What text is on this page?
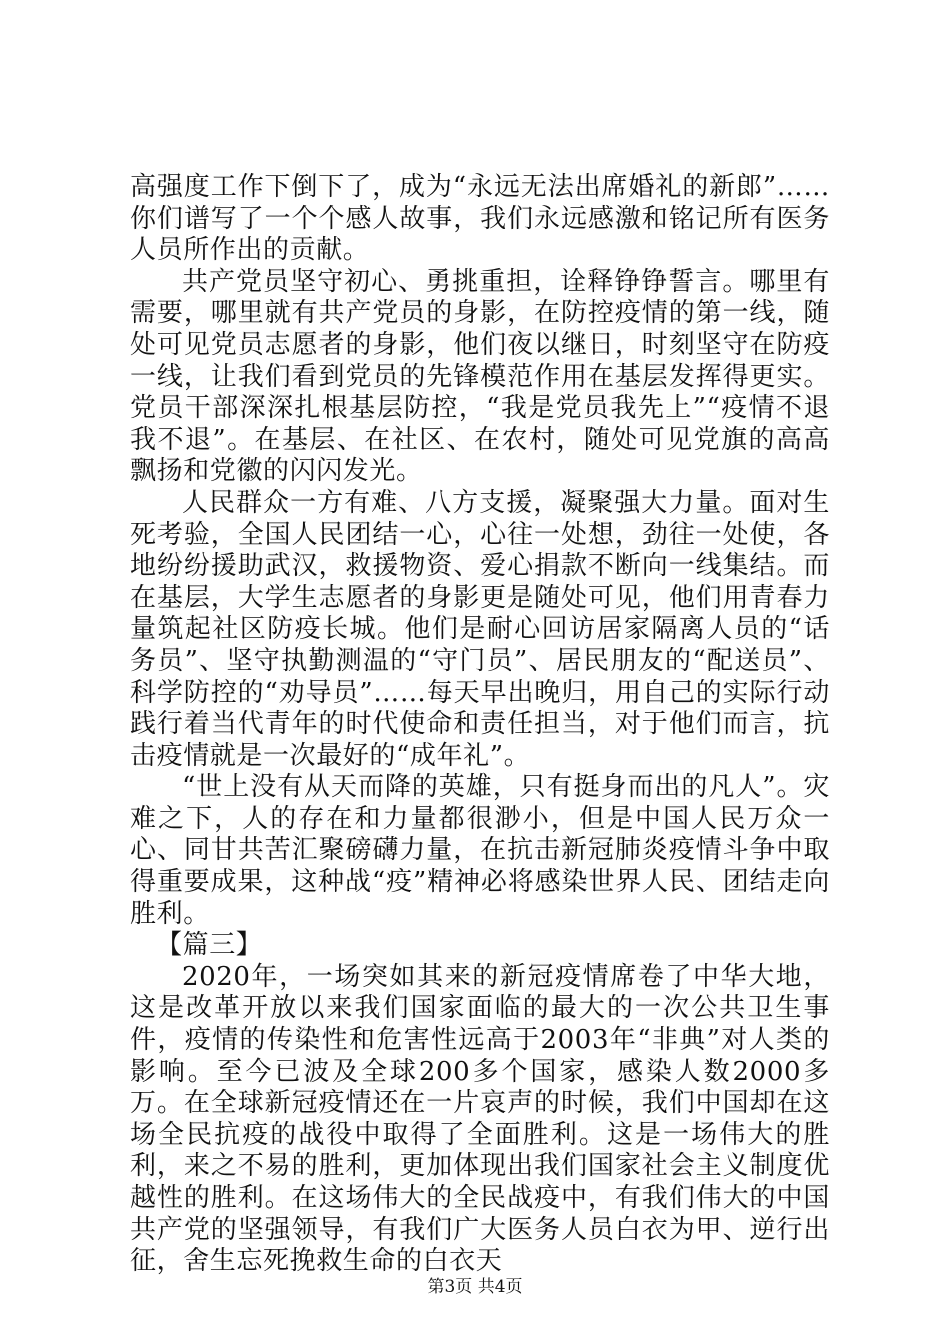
高强度工作下倒下了，成为“永远无法出席婚礼的新郎”……你们谱写了一个个感人故事，我们永远感激和铭记所有医务人员所作出的贡献。

共产党员坚守初心、勇挑重担，诠释铮铮誓言。哪里有需要，哪里就有共产党员的身影，在防控疫情的第一线，随处可见党员志愿者的身影，他们夜以继日，时刻坚守在防疫一线，让我们看到党员的先锋模范作用在基层发挥得更实。党员干部深深扎根基层防控，“我是党员我先上”“疫情不退我不退”。在基层、在社区、在农村，随处可见党旗的高高飘扬和党徽的闪闪发光。

人民群众一方有难、八方支援，凝聚强大力量。面对生死考验，全国人民团结一心，心往一处想，劲往一处使，各地纷纷援助武汉，救援物资、爱心捐款不断向一线集结。而在基层，大学生志愿者的身影更是随处可见，他们用青春力量筑起社区防疫长城。他们是耐心回访居家隔离人员的“话务员”、坚守执勤测温的“守门员”、居民朋友的“配送员”、科学防控的“劝导员”……每天早出晚归，用自己的实际行动践行着当代青年的时代使命和责任担当，对于他们而言，抗击疫情就是一次最好的“成年礼”。

“世上没有从天而降的英雄，只有挺身而出的凡人”。灾难之下，人的存在和力量都很渺小，但是中国人民万众一心、同甘共苦汇聚磅礴力量，在抗击新冠肺炎疫情斗争中取得重要成果，这种战“疫”精神必将感染世界人民、团结走向胜利。

【篇三】

2020年，一场突如其来的新冠疫情席卷了中华大地，这是改革开放以来我们国家面临的最大的一次公共卫生事件，疫情的传染性和危害性远高于2003年“非典”对人类的影响。至今已波及全球200多个国家，感染人数2000多万。在全球新冠疫情还在一片哀声的时候，我们中国却在这场全民抗疫的战役中取得了全面胜利。这是一场伟大的胜利，来之不易的胜利，更加体现出我们国家社会主义制度优越性的胜利。在这场伟大的全民战疫中，有我们伟大的中国共产党的坚强领导，有我们广大医务人员白衣为甲、逆行出征，舍生忘死挽救生命的白衣天

第3页 共4页
